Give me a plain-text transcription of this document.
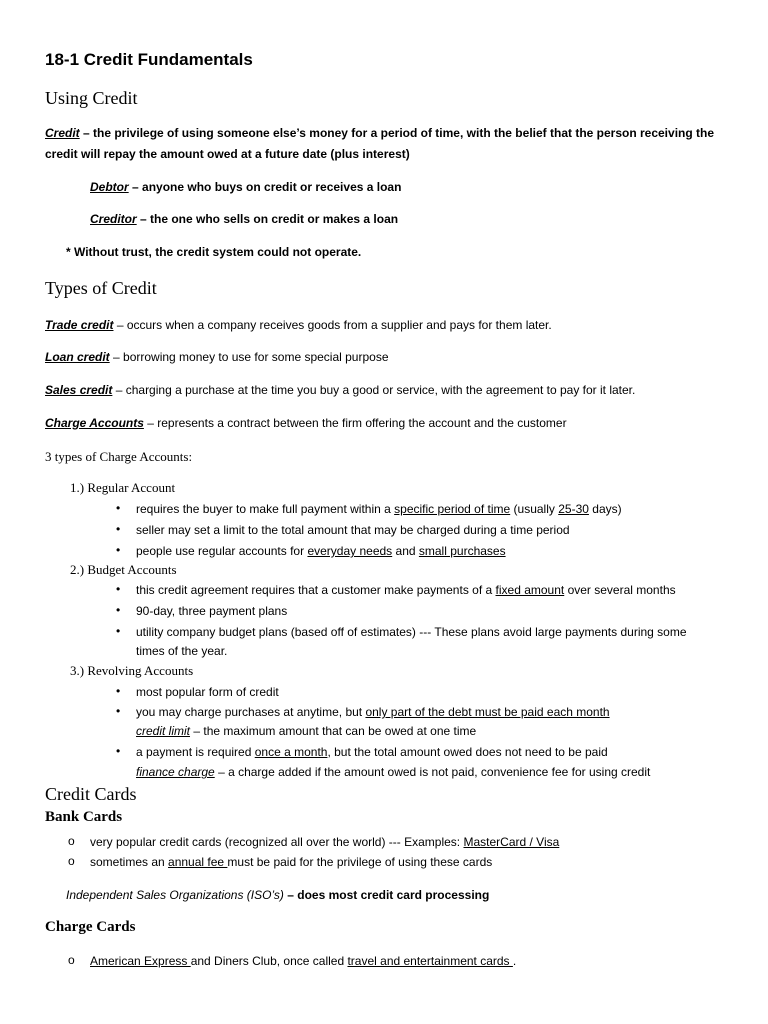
18-1 Credit Fundamentals
Using Credit
Credit – the privilege of using someone else’s money for a period of time, with the belief that the person receiving the
credit will repay the amount owed at a future date (plus interest)
Debtor – anyone who buys on credit or receives a loan
Creditor – the one who sells on credit or makes a loan
* Without trust, the credit system could not operate.
Types of Credit
Trade credit – occurs when a company receives goods from a supplier and pays for them later.
Loan credit – borrowing money to use for some special purpose
Sales credit – charging a purchase at the time you buy a good or service, with the agreement to pay for it later.
Charge Accounts – represents a contract between the firm offering the account and the customer
3 types of Charge Accounts:
1.) Regular Account
• requires the buyer to make full payment within a specific period of time (usually 25-30 days)
• seller may set a limit to the total amount that may be charged during a time period
• people use regular accounts for everyday needs and small purchases
2.) Budget Accounts
• this credit agreement requires that a customer make payments of a fixed amount over several months
• 90-day, three payment plans
• utility company budget plans (based off of estimates) --- These plans avoid large payments during some
times of the year.
3.) Revolving Accounts
• most popular form of credit
• you may charge purchases at anytime, but only part of the debt must be paid each month
credit limit – the maximum amount that can be owed at one time
• a payment is required once a month, but the total amount owed does not need to be paid
finance charge – a charge added if the amount owed is not paid, convenience fee for using credit
Credit Cards
Bank Cards
o very popular credit cards (recognized all over the world) --- Examples: MasterCard / Visa
o sometimes an annual fee must be paid for the privilege of using these cards
Independent Sales Organizations (ISO’s) – does most credit card processing
Charge Cards
o American Express and Diners Club, once called travel and entertainment cards .
